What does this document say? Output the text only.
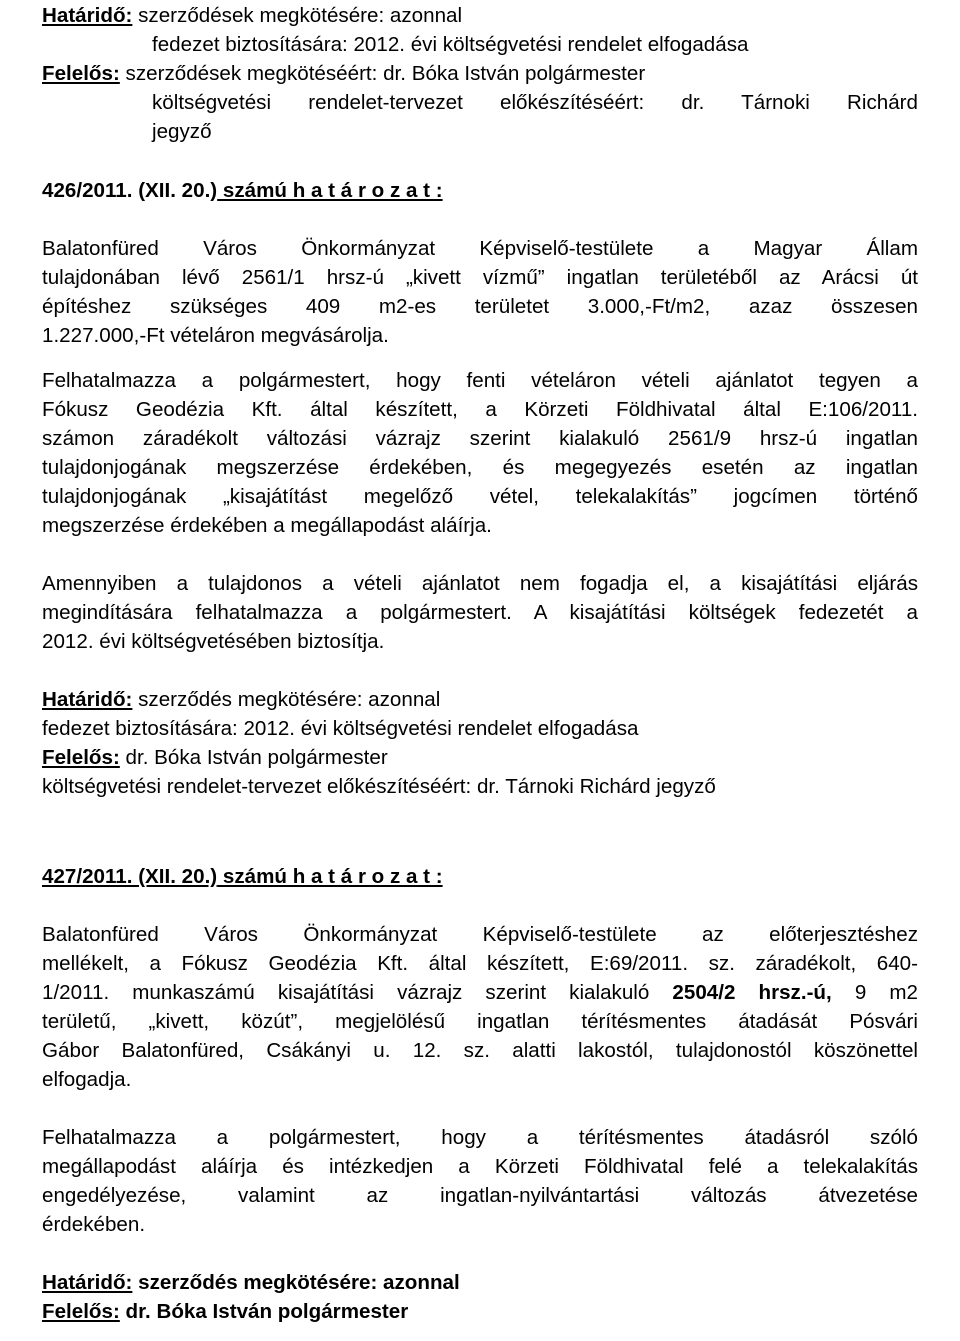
Határidő: szerződések megkötésére: azonnal
fedezet biztosítására: 2012. évi költségvetési rendelet elfogadása
Felelős: szerződések megkötéséért: dr. Bóka István polgármester
költségvetési rendelet-tervezet előkészítéséért: dr. Tárnoki Richárd
jegyző
426/2011. (XII. 20.) számú h a t á r o z a t :
Balatonfüred Város Önkormányzat Képviselő-testülete a Magyar Állam
tulajdonában lévő 2561/1 hrsz-ú „kivett vízmű” ingatlan területéből az Arácsi út
építéshez szükséges 409 m2-es területet 3.000,-Ft/m2, azaz összesen
1.227.000,-Ft vételáron megvásárolja.
Felhatalmazza a polgármestert, hogy fenti vételáron vételi ajánlatot tegyen a
Fókusz Geodézia Kft. által készített, a Körzeti Földhivatal által E:106/2011.
számon záradékolt változási vázrajz szerint kialakuló 2561/9 hrsz-ú ingatlan
tulajdonjogának megszerzése érdekében, és megegyezés esetén az ingatlan
tulajdonjogának „kisajátítást megelőző vétel, telekalakítás” jogcímen történő
megszerzése érdekében a megállapodást aláírja.
Amennyiben a tulajdonos a vételi ajánlatot nem fogadja el, a kisajátítási eljárás
megindítására felhatalmazza a polgármestert. A kisajátítási költségek fedezetét a
2012. évi költségvetésében biztosítja.
Határidő: szerződés megkötésére: azonnal
fedezet biztosítására: 2012. évi költségvetési rendelet elfogadása
Felelős: dr. Bóka István polgármester
költségvetési rendelet-tervezet előkészítéséért: dr. Tárnoki Richárd jegyző
427/2011. (XII. 20.) számú h a t á r o z a t :
Balatonfüred Város Önkormányzat Képviselő-testülete az előterjesztéshez
mellékelt, a Fókusz Geodézia Kft. által készített, E:69/2011. sz. záradékolt, 640-
1/2011. munkaszámú kisajátítási vázrajz szerint kialakuló 2504/2 hrsz.-ú, 9 m2
területű, „kivett, közút”, megjelölésű ingatlan térítésmentes átadását Pósvári
Gábor Balatonfüred, Csákányi u. 12. sz. alatti lakostól, tulajdonostól köszönettel
elfogadja.
Felhatalmazza a polgármestert, hogy a térítésmentes átadásról szóló
megállapodást aláírja és intézkedjen a Körzeti Földhivatal felé a telekalakítás
engedélyezése, valamint az ingatlan-nyilvántartási változás átvezetése
érdekében.
Határidő: szerződés megkötésére: azonnal
Felelős: dr. Bóka István polgármester
